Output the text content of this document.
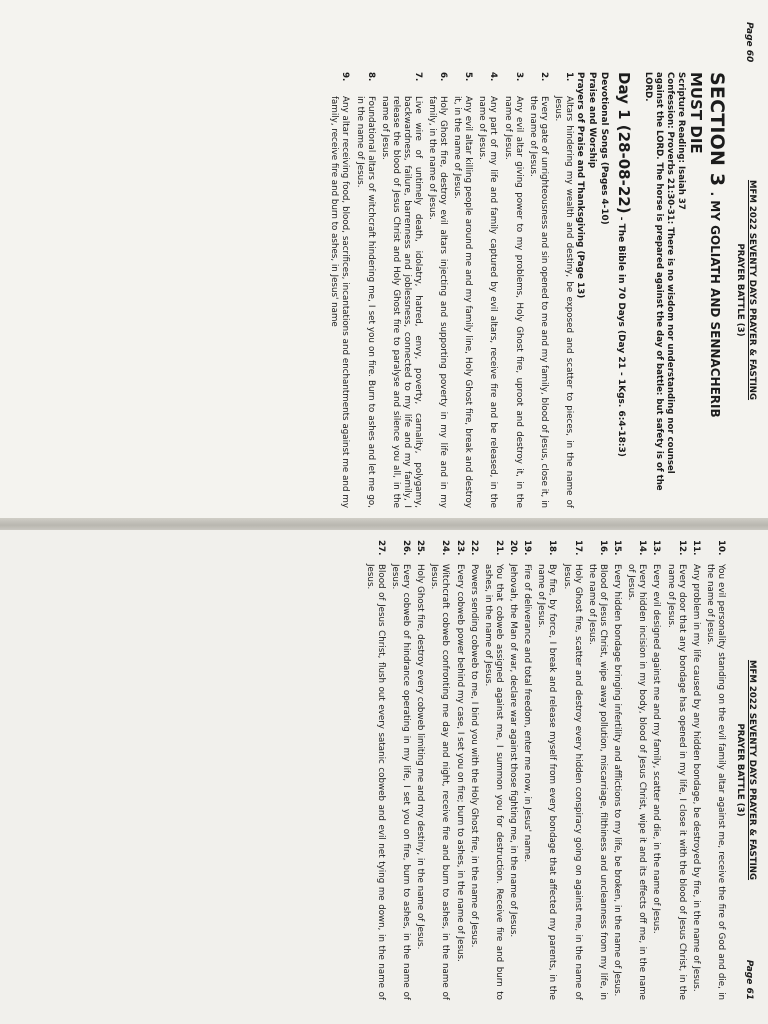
Page 60
MFM 2022 SEVENTY DAYS PRAYER & FASTING
PRAYER BATTLE (3)
SECTION 3 . MY GOLIATH AND SENNACHERIB
MUST DIE
Scripture Reading: Isaiah 37
Confession: Proverbs 21:30-31: There is no wisdom nor understanding nor counsel against the LORD. The horse is prepared against the day of battle: but safety is of the LORD.
Day 1 (28-08-22) - The Bible in 70 Days (Day 21 - 1Kgs. 6:4-18:3)
Devotional Songs (Pages 4-10)
Praise and Worship
Prayers of Praise and Thanksgiving (Page 13)
1.
Altars hindering my wealth and destiny, be exposed and scatter to pieces, in the name of Jesus.
2.
Every gate of unrighteousness and sin opened to me and my family, blood of Jesus, close it, in the name of Jesus.
3.
Any evil altar giving power to my problems, Holy Ghost fire, uproot and destroy it, in the name of Jesus.
4.
Any part of my life and family captured by evil altars, receive fire and be released, in the name of Jesus.
5.
Any evil altar killing people around me and my family line, Holy Ghost fire, break and destroy it, in the name of Jesus.
6.
Holy Ghost fire, destroy evil altars injecting and supporting poverty in my life and in my family, in the name of Jesus.
7.
Live wire of untimely death, idolatry, hatred, envy, poverty, carnality, polygamy, backwardness, failure, barrenness and joblessness, connected to my life and my family, I release the blood of Jesus Christ and Holy Ghost fire to paralyse and silence you all, in the name of Jesus.
8.
Foundational altars of witchcraft hindering me, I set you on fire. Burn to ashes and let me go, in the name of Jesus.
9.
Any altar receiving food, blood, sacrifices, incantations and enchantments against me and my family, receive fire and burn to ashes, in Jesus' name
Page 61
MFM 2022 SEVENTY DAYS PRAYER & FASTING
PRAYER BATTLE (3)
10.
You evil personality standing on the evil family altar against me, receive the fire of God and die, in the name of Jesus.
11.
Any problem in my life caused by any hidden bondage, be destroyed by fire, in the name of Jesus.
12.
Every door that any bondage has opened in my life, I close it with the blood of Jesus Christ, in the name of Jesus.
13.
Every evil designed against me and my family, scatter and die, in the name of Jesus.
14.
Every hidden incision in my body, blood of Jesus Christ, wipe it and its effects off me, in the name of Jesus.
15.
Every hidden bondage bringing infertility and afflictions to my life, be broken, in the name of Jesus.
16.
Blood of Jesus Christ, wipe away pollution, miscarriage, filthiness and uncleanness from my life, in the name of Jesus.
17.
Holy Ghost fire, scatter and destroy every hidden conspiracy going on against me, in the name of Jesus.
18.
By fire, by force, I break and release myself from every bondage that affected my parents, in the name of Jesus.
19.
Fire of deliverance and total freedom, enter me now, in Jesus' name.
20.
Jehovah, the Man of war, declare war against those fighting me, in the name of Jesus.
21.
You that cobweb assigned against me, I summon you for destruction. Receive fire and burn to ashes, in the name of Jesus.
22.
Powers sending cobweb to me, I bind you with the Holy Ghost fire, in the name of Jesus.
23.
Every cobweb power behind my case, I set you on fire; burn to ashes, in the name of Jesus.
24.
Witchcraft cobweb confronting me day and night, receive fire and burn to ashes, in the name of Jesus.
25.
Holy Ghost fire, destroy every cobweb limiting me and my destiny, in the name of Jesus.
26.
Every cobweb of hindrance operating in my life, I set you on fire, burn to ashes, in the name of Jesus.
27.
Blood of Jesus Christ, flush out every satanic cobweb and evil net tying me down, in the name of Jesus.
